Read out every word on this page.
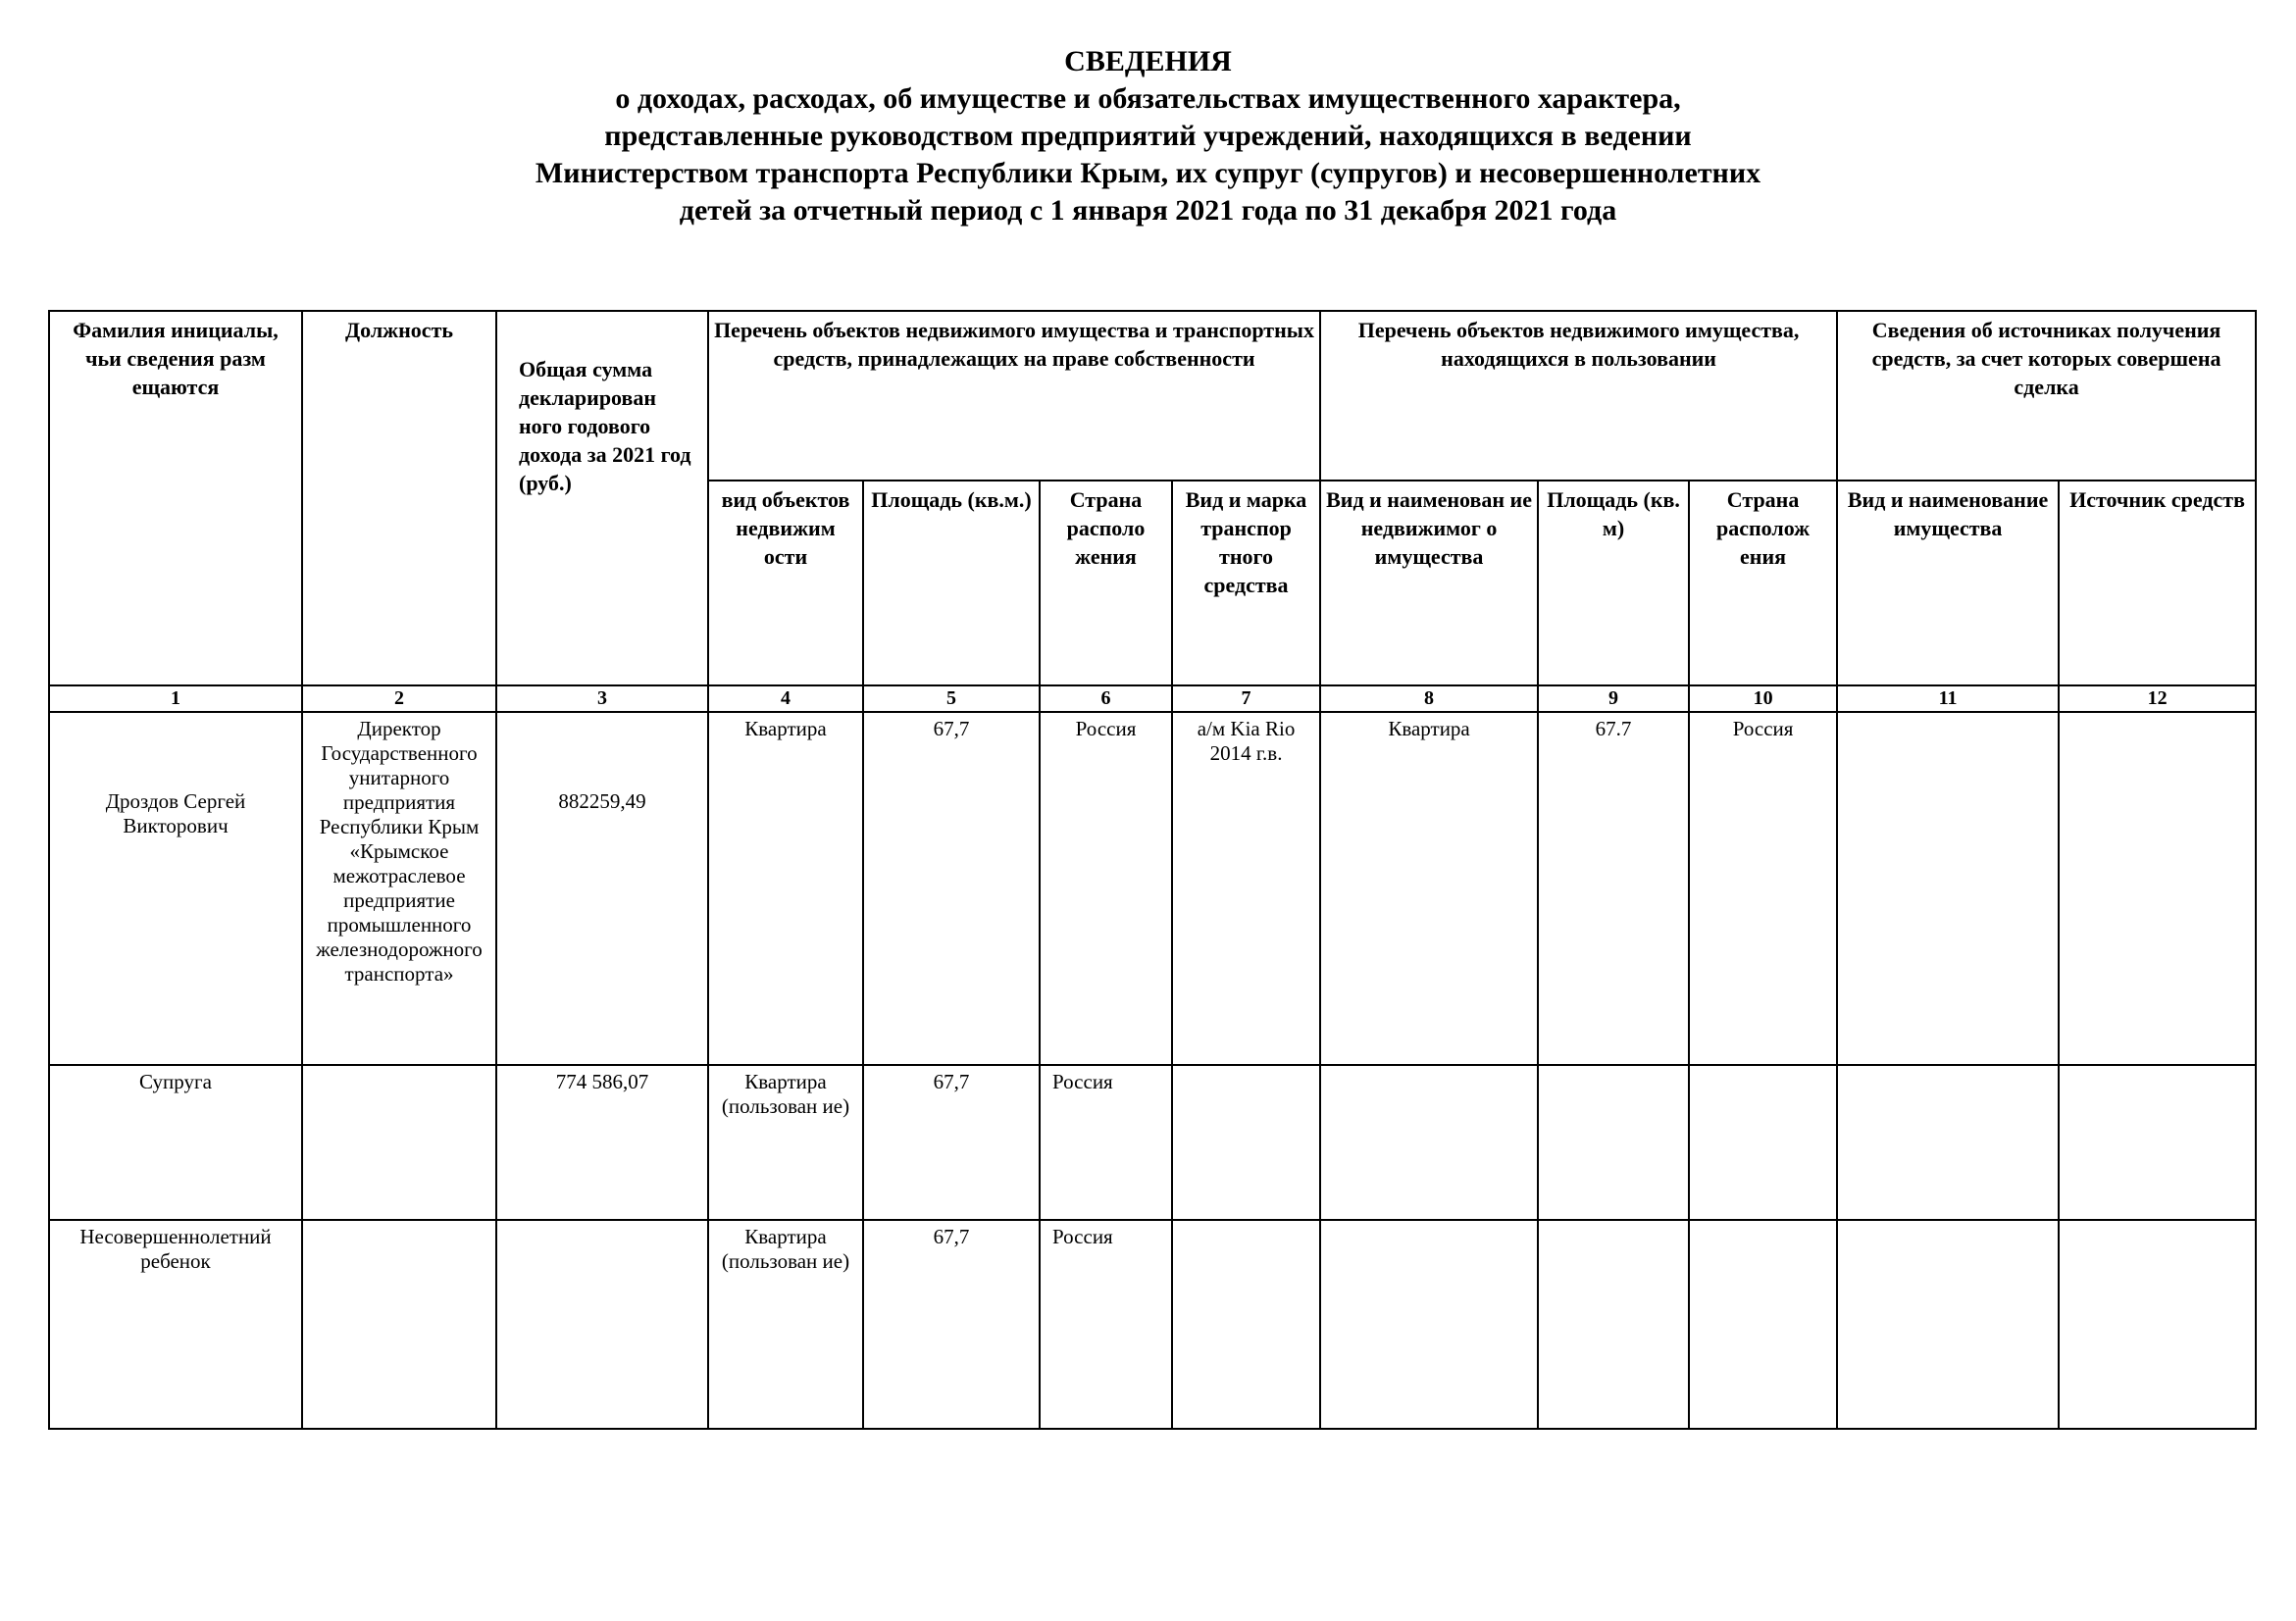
СВЕДЕНИЯ
о доходах, расходах, об имуществе и обязательствах имущественного характера,
представленные руководством предприятий учреждений, находящихся в ведении
Министерством транспорта Республики Крым, их супруг (супругов) и несовершеннолетних
детей за отчетный период с 1 января 2021 года по 31 декабря 2021 года
Фамилия инициалы, чьи сведения разм ещаются	Должность	Общая сумма декларирован ного годового дохода за 2021 год (руб.)	Перечень объектов недвижимого имущества и транспортных средств, принадлежащих на праве собственности				Перечень объектов недвижимого имущества, находящихся в пользовании			Сведения об источниках получения средств, за счет которых совершена сделка	
			вид объектов недвижим ости	Площадь (кв.м.)	Страна располо жения	Вид и марка транспор тного средства	Вид и наименован ие недвижимог о имущества	Площадь (кв. м)	Страна располож ения	Вид и наименование имущества	Источник средств
1	2	3	4	5	6	7	8	9	10	11	12
Дроздов Сергей Викторович	Директор Государственного унитарного предприятия Республики Крым «Крымское межотраслевое предприятие промышленного железнодорожного транспорта»	882259,49	Квартира	67,7	Россия	а/м Kia Rio 2014 г.в.	Квартира	67.7	Россия		
Супруга		774 586,07	Квартира (пользован ие)	67,7	Россия						
Несовершеннолетний ребенок			Квартира (пользован ие)	67,7	Россия						
